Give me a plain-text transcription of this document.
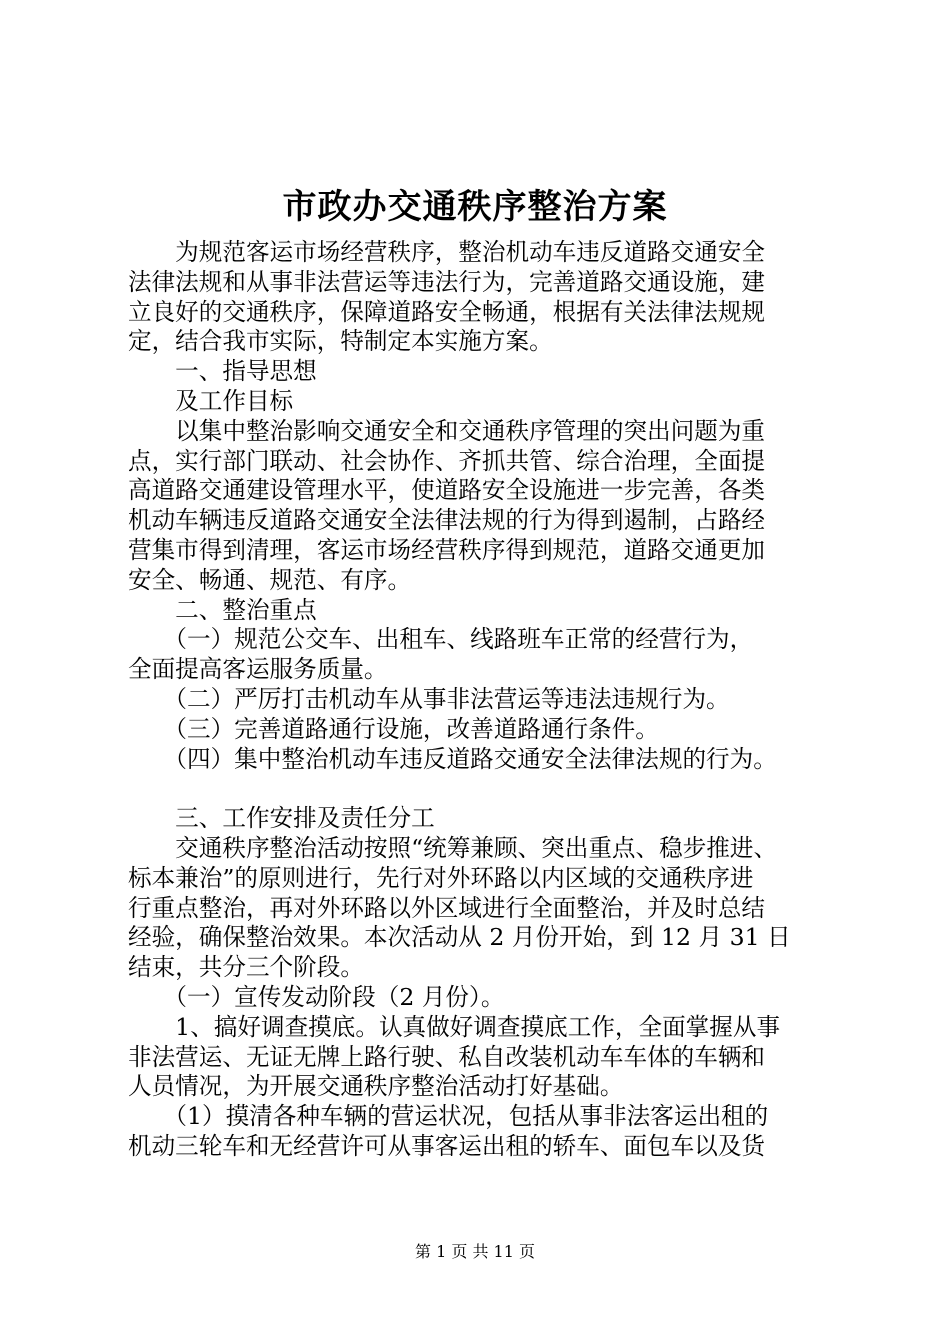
市政办交通秩序整治方案

　　为规范客运市场经营秩序，整治机动车违反道路交通安全

法律法规和从事非法营运等违法行为，完善道路交通设施，建

立良好的交通秩序，保障道路安全畅通，根据有关法律法规规

定，结合我市实际，特制定本实施方案。

　　一、指导思想

　　及工作目标

　　以集中整治影响交通安全和交通秩序管理的突出问题为重

点，实行部门联动、社会协作、齐抓共管、综合治理，全面提

高道路交通建设管理水平，使道路安全设施进一步完善，各类

机动车辆违反道路交通安全法律法规的行为得到遏制，占路经

营集市得到清理，客运市场经营秩序得到规范，道路交通更加

安全、畅通、规范、有序。

　　二、整治重点

　　（一）规范公交车、出租车、线路班车正常的经营行为，

全面提高客运服务质量。

　　（二）严厉打击机动车从事非法营运等违法违规行为。

　　（三）完善道路通行设施，改善道路通行条件。

　　（四）集中整治机动车违反道路交通安全法律法规的行为。

　　三、工作安排及责任分工

　　交通秩序整治活动按照“统筹兼顾、突出重点、稳步推进、

标本兼治”的原则进行，先行对外环路以内区域的交通秩序进

行重点整治，再对外环路以外区域进行全面整治，并及时总结

经验，确保整治效果。本次活动从 2 月份开始，到 12 月 31 日

结束，共分三个阶段。

　　（一）宣传发动阶段（2 月份）。

　　1、搞好调查摸底。认真做好调查摸底工作，全面掌握从事

非法营运、无证无牌上路行驶、私自改装机动车车体的车辆和

人员情况，为开展交通秩序整治活动打好基础。

　　（1）摸清各种车辆的营运状况，包括从事非法客运出租的

机动三轮车和无经营许可从事客运出租的轿车、面包车以及货

第 1 页 共 11 页
